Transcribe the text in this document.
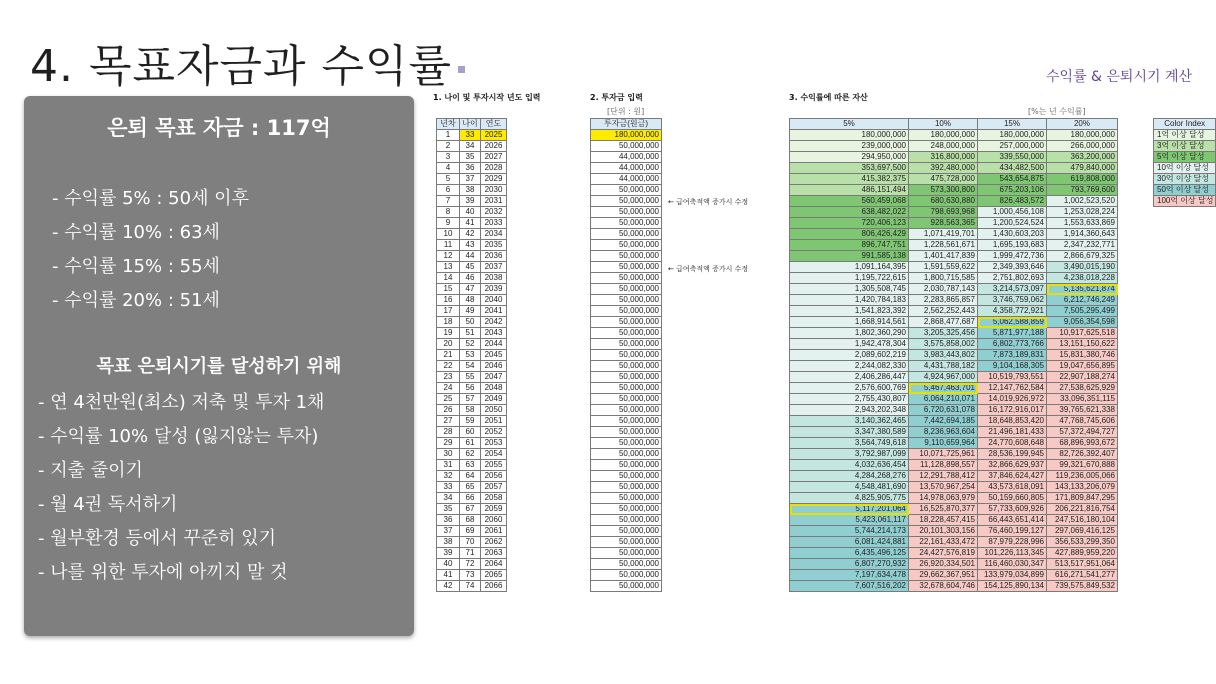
4. 목표자금과 수익률	수익률 & 은퇴시기 계산
은퇴 목표 자금 : 117억
- 수익률 5% : 50세 이후
- 수익률 10% : 63세
- 수익률 15% : 55세
- 수익률 20% : 51세
목표 은퇴시기를 달성하기 위해
- 연 4천만원(최소) 저축 및 투자 1채
- 수익률 10% 달성 (잃지않는 투자)
- 지출 줄이기
- 월 4권 독서하기
- 월부환경 등에서 꾸준히 있기
- 나를 위한 투자에 아끼지 말 것
1. 나이 및 투자시작 년도 입력	2. 투자금 입력
[단위 : 원]
3. 수익률에 따른 자산
[%는 년 수익률]
← 급여축적액 증가시 수정
← 급여축적액 증가시 수정
년차	나이	연도
1	33	2025
2	34	2026
3	35	2027
4	36	2028
5	37	2029
6	38	2030
7	39	2031
8	40	2032
9	41	2033
10	42	2034
11	43	2035
12	44	2036
13	45	2037
14	46	2038
15	47	2039
16	48	2040
17	49	2041
18	50	2042
19	51	2043
20	52	2044
21	53	2045
22	54	2046
23	55	2047
24	56	2048
25	57	2049
26	58	2050
27	59	2051
28	60	2052
29	61	2053
30	62	2054
31	63	2055
32	64	2056
33	65	2057
34	66	2058
35	67	2059
36	68	2060
37	69	2061
38	70	2062
39	71	2063
40	72	2064
41	73	2065
42	74	2066
투자금(원금)
180,000,000
50,000,000
44,000,000
44,000,000
44,000,000
50,000,000
50,000,000
50,000,000
50,000,000
50,000,000
50,000,000
50,000,000
50,000,000
50,000,000
50,000,000
50,000,000
50,000,000
50,000,000
50,000,000
50,000,000
50,000,000
50,000,000
50,000,000
50,000,000
50,000,000
50,000,000
50,000,000
50,000,000
50,000,000
50,000,000
50,000,000
50,000,000
50,000,000
50,000,000
50,000,000
50,000,000
50,000,000
50,000,000
50,000,000
50,000,000
50,000,000
50,000,000
5%	10%	15%	20%
180,000,000	180,000,000	180,000,000	180,000,000
239,000,000	248,000,000	257,000,000	266,000,000
294,950,000	316,800,000	339,550,000	363,200,000
353,697,500	392,480,000	434,482,500	479,840,000
415,382,375	475,728,000	543,654,875	619,808,000
486,151,494	573,300,800	675,203,106	793,769,600
560,459,068	680,630,880	826,483,572	1,002,523,520
638,482,022	798,693,968	1,000,456,108	1,253,028,224
720,406,123	928,563,365	1,200,524,524	1,553,633,869
806,426,429	1,071,419,701	1,430,603,203	1,914,360,643
896,747,751	1,228,561,671	1,695,193,683	2,347,232,771
991,585,138	1,401,417,839	1,999,472,736	2,866,679,325
1,091,164,395	1,591,559,622	2,349,393,646	3,490,015,190
1,195,722,615	1,800,715,585	2,751,802,693	4,238,018,228
1,305,508,745	2,030,787,143	3,214,573,097	5,135,621,874
1,420,784,183	2,283,865,857	3,746,759,062	6,212,746,249
1,541,823,392	2,562,252,443	4,358,772,921	7,505,295,499
1,668,914,561	2,868,477,687	5,062,588,859	9,056,354,598
1,802,360,290	3,205,325,456	5,871,977,188	10,917,625,518
1,942,478,304	3,575,858,002	6,802,773,766	13,151,150,622
2,089,602,219	3,983,443,802	7,873,189,831	15,831,380,746
2,244,082,330	4,431,788,182	9,104,168,305	19,047,656,895
2,406,286,447	4,924,967,000	10,519,793,551	22,907,188,274
2,576,600,769	5,467,463,701	12,147,762,584	27,538,625,929
2,755,430,807	6,064,210,071	14,019,926,972	33,096,351,115
2,943,202,348	6,720,631,078	16,172,916,017	39,765,621,338
3,140,362,465	7,442,694,185	18,648,853,420	47,768,745,606
3,347,380,589	8,236,963,604	21,496,181,433	57,372,494,727
3,564,749,618	9,110,659,964	24,770,608,648	68,896,993,672
3,792,987,099	10,071,725,961	28,536,199,945	82,726,392,407
4,032,636,454	11,128,898,557	32,866,629,937	99,321,670,888
4,284,268,276	12,291,788,412	37,846,624,427	119,236,005,066
4,548,481,690	13,570,967,254	43,573,618,091	143,133,206,079
4,825,905,775	14,978,063,979	50,159,660,805	171,809,847,295
5,117,201,064	16,525,870,377	57,733,609,926	206,221,816,754
5,423,061,117	18,228,457,415	66,443,651,414	247,516,180,104
5,744,214,173	20,101,303,156	76,460,199,127	297,069,416,125
6,081,424,881	22,161,433,472	87,979,228,996	356,533,299,350
6,435,496,125	24,427,576,819	101,226,113,345	427,889,959,220
6,807,270,932	26,920,334,501	116,460,030,347	513,517,951,064
7,197,634,478	29,662,367,951	133,979,034,899	616,271,541,277
7,607,516,202	32,678,604,746	154,125,890,134	739,575,849,532
Color Index
1억 이상 달성
3억 이상 달성
5억 이상 달성
10억 이상 달성
30억 이상 달성
50억 이상 달성
100억 이상 달성
